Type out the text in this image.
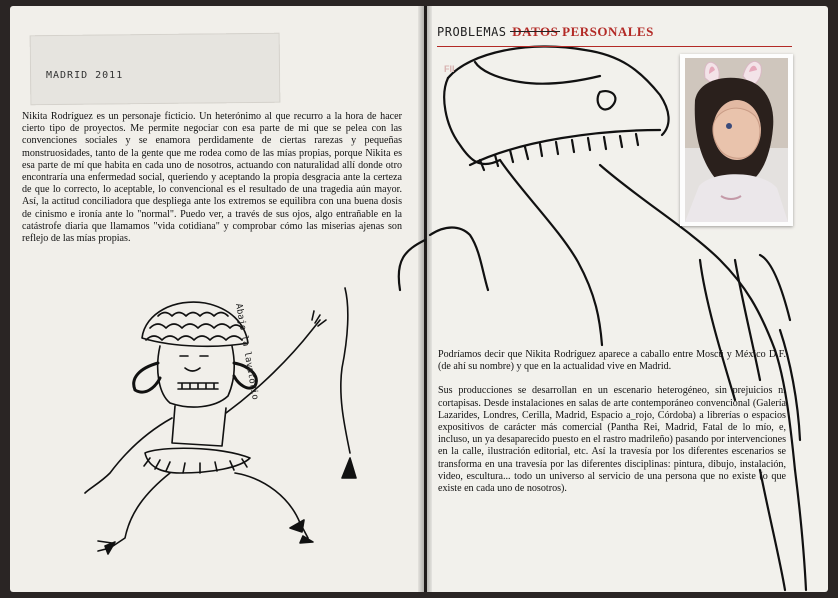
MADRID 2011
Nikita Rodríguez es un personaje ficticio. Un heterónimo al que recurro a la hora de hacer cierto tipo de proyectos. Me permite negociar con esa parte de mi que se pelea con las convenciones sociales y se enamora perdidamente de ciertas rarezas y pequeñas monstruosidades, tanto de la gente que me rodea como de las mías propias, porque Nikita es esa parte de mí que habita en cada uno de nosotros, actuando con naturalidad allí donde otro encontraría una enfermedad social, queriendo y aceptando la propia desgracia ante la certeza de que lo correcto, lo aceptable, lo convencional es el resultado de una tragedia aún mayor. Así, la actitud conciliadora que despliega ante los extremos se equilibra con una buena dosis de cinismo e ironía ante lo "normal". Puedo ver, a través de sus ojos, algo entrañable en la catástrofe diaria que llamamos "vida cotidiana" y comprobar cómo las miserias ajenas son reflejo de las mías propias.
Abajo la lavatorio
PROBLEMAS DATOS PERSONALES
FII

Podríamos decir que Nikita Rodríguez aparece a caballo entre Moscú y México D.F. (de ahí su nombre) y que en la actualidad vive en Madrid.

Sus producciones se desarrollan en un escenario heterogéneo, sin prejuicios ni cortapisas. Desde instalaciones en salas de arte contemporáneo convencional (Galería Lazarides, Londres, Cerilla, Madrid, Espacio a_rojo, Córdoba) a librerías o espacios expositivos de carácter más comercial (Pantha Rei, Madrid, Fatal de lo mío, e, incluso, un ya desaparecido puesto en el rastro madrileño) pasando por intervenciones en la calle, ilustración editorial, etc. Así la travesía por los diferentes escenarios se transforma en una travesía por las diferentes disciplinas: pintura, dibujo, instalación, video, escultura... todo un universo al servicio de una persona que no existe (o que existe en cada uno de nosotros).
